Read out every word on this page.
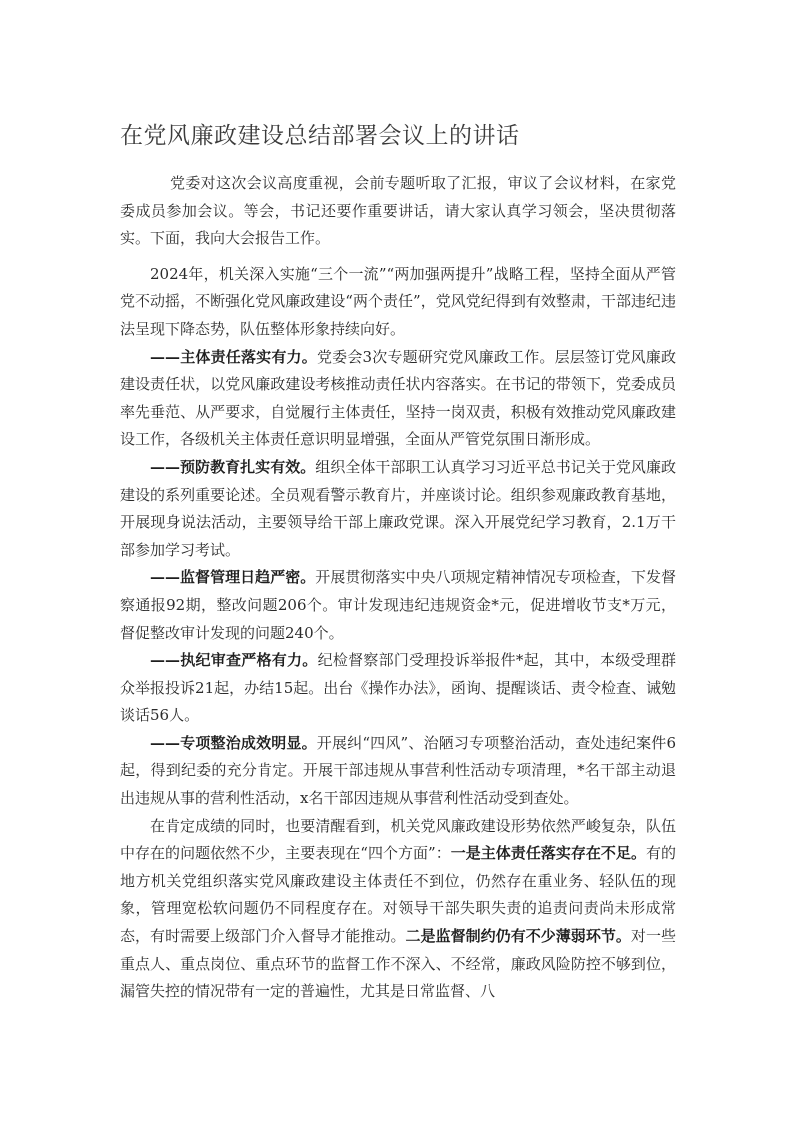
在党风廉政建设总结部署会议上的讲话

党委对这次会议高度重视，会前专题听取了汇报，审议了会议材料，在家党委成员参加会议。等会，书记还要作重要讲话，请大家认真学习领会，坚决贯彻落实。下面，我向大会报告工作。

2024年，机关深入实施“三个一流”“两加强两提升”战略工程，坚持全面从严管党不动摇，不断强化党风廉政建设“两个责任”，党风党纪得到有效整肃，干部违纪违法呈现下降态势，队伍整体形象持续向好。

——主体责任落实有力。党委会3次专题研究党风廉政工作。层层签订党风廉政建设责任状，以党风廉政建设考核推动责任状内容落实。在书记的带领下，党委成员率先垂范、从严要求，自觉履行主体责任，坚持一岗双责，积极有效推动党风廉政建设工作，各级机关主体责任意识明显增强，全面从严管党氛围日渐形成。

——预防教育扎实有效。组织全体干部职工认真学习习近平总书记关于党风廉政建设的系列重要论述。全员观看警示教育片，并座谈讨论。组织参观廉政教育基地，开展现身说法活动，主要领导给干部上廉政党课。深入开展党纪学习教育，2.1万干部参加学习考试。

——监督管理日趋严密。开展贯彻落实中央八项规定精神情况专项检查，下发督察通报92期，整改问题206个。审计发现违纪违规资金*元，促进增收节支*万元，督促整改审计发现的问题240个。

——执纪审查严格有力。纪检督察部门受理投诉举报件*起，其中，本级受理群众举报投诉21起，办结15起。出台《操作办法》，函询、提醒谈话、责令检查、诫勉谈话56人。

——专项整治成效明显。开展纠“四风”、治陋习专项整治活动，查处违纪案件6起，得到纪委的充分肯定。开展干部违规从事营利性活动专项清理，*名干部主动退出违规从事的营利性活动，x名干部因违规从事营利性活动受到查处。

在肯定成绩的同时，也要清醒看到，机关党风廉政建设形势依然严峻复杂，队伍中存在的问题依然不少，主要表现在“四个方面”：一是主体责任落实存在不足。有的地方机关党组织落实党风廉政建设主体责任不到位，仍然存在重业务、轻队伍的现象，管理宽松软问题仍不同程度存在。对领导干部失职失责的追责问责尚未形成常态，有时需要上级部门介入督导才能推动。二是监督制约仍有不少薄弱环节。对一些重点人、重点岗位、重点环节的监督工作不深入、不经常，廉政风险防控不够到位，漏管失控的情况带有一定的普遍性，尤其是日常监督、八
